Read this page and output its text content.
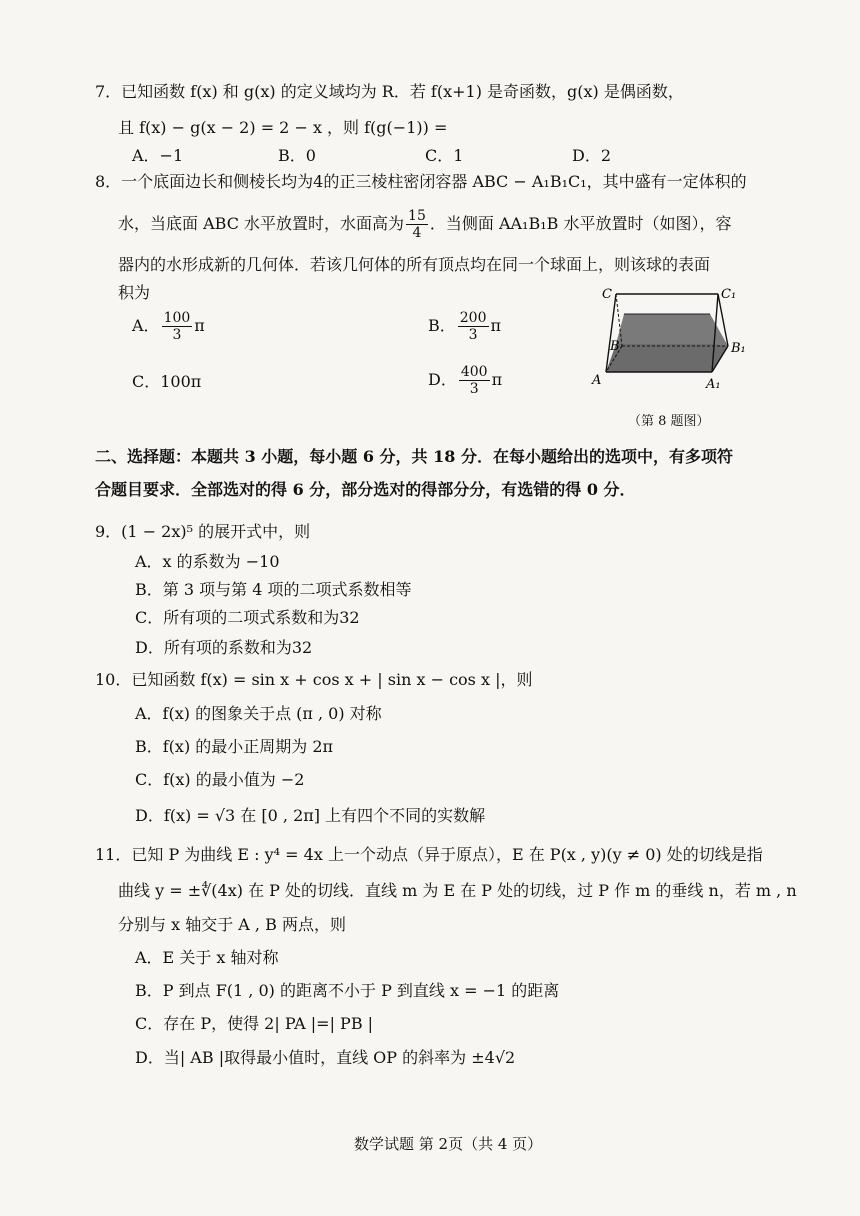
7．已知函数 f(x) 和 g(x) 的定义域均为 R．若 f(x+1) 是奇函数，g(x) 是偶函数，
且 f(x) − g(x − 2) = 2 − x ，则 f(g(−1)) =
A．−1	B．0	C．1	D．2
8．一个底面边长和侧棱长均为4的正三棱柱密闭容器 ABC − A₁B₁C₁，其中盛有一定体积的
水，当底面 ABC 水平放置时，水面高为 $\frac{15}{4}$ ．当侧面 AA₁B₁B 水平放置时（如图），容
器内的水形成新的几何体．若该几何体的所有顶点均在同一个球面上，则该球的表面
积为
A． $\frac{100}{3}$ π	B． $\frac{200}{3}$ π
C．100π	D． $\frac{400}{3}$ π
C	C₁
B	B₁
A	A₁
（第 8 题图）
二、选择题：本题共 3 小题，每小题 6 分，共 18 分．在每小题给出的选项中，有多项符
合题目要求．全部选对的得 6 分，部分选对的得部分分，有选错的得 0 分．
9．(1 − 2x)⁵ 的展开式中，则
A．x 的系数为 −10
B．第 3 项与第 4 项的二项式系数相等
C．所有项的二项式系数和为32
D．所有项的系数和为32
10．已知函数 f(x) = sin x + cos x + | sin x − cos x |，则
A．f(x) 的图象关于点 (π , 0) 对称
B．f(x) 的最小正周期为 2π
C．f(x) 的最小值为 −2
D．f(x) = √3 在 [0 , 2π] 上有四个不同的实数解
11．已知 P 为曲线 E : y⁴ = 4x 上一个动点（异于原点），E 在 P(x , y)(y ≠ 0) 处的切线是指
曲线 y = ±∜(4x) 在 P 处的切线．直线 m 为 E 在 P 处的切线，过 P 作 m 的垂线 n，若 m , n
分别与 x 轴交于 A , B 两点，则
A．E 关于 x 轴对称
B．P 到点 F(1 , 0) 的距离不小于 P 到直线 x = −1 的距离
C．存在 P，使得 2| PA |=| PB |
D．当| AB |取得最小值时，直线 OP 的斜率为 ±4√2
数学试题 第 2页（共 4 页）
